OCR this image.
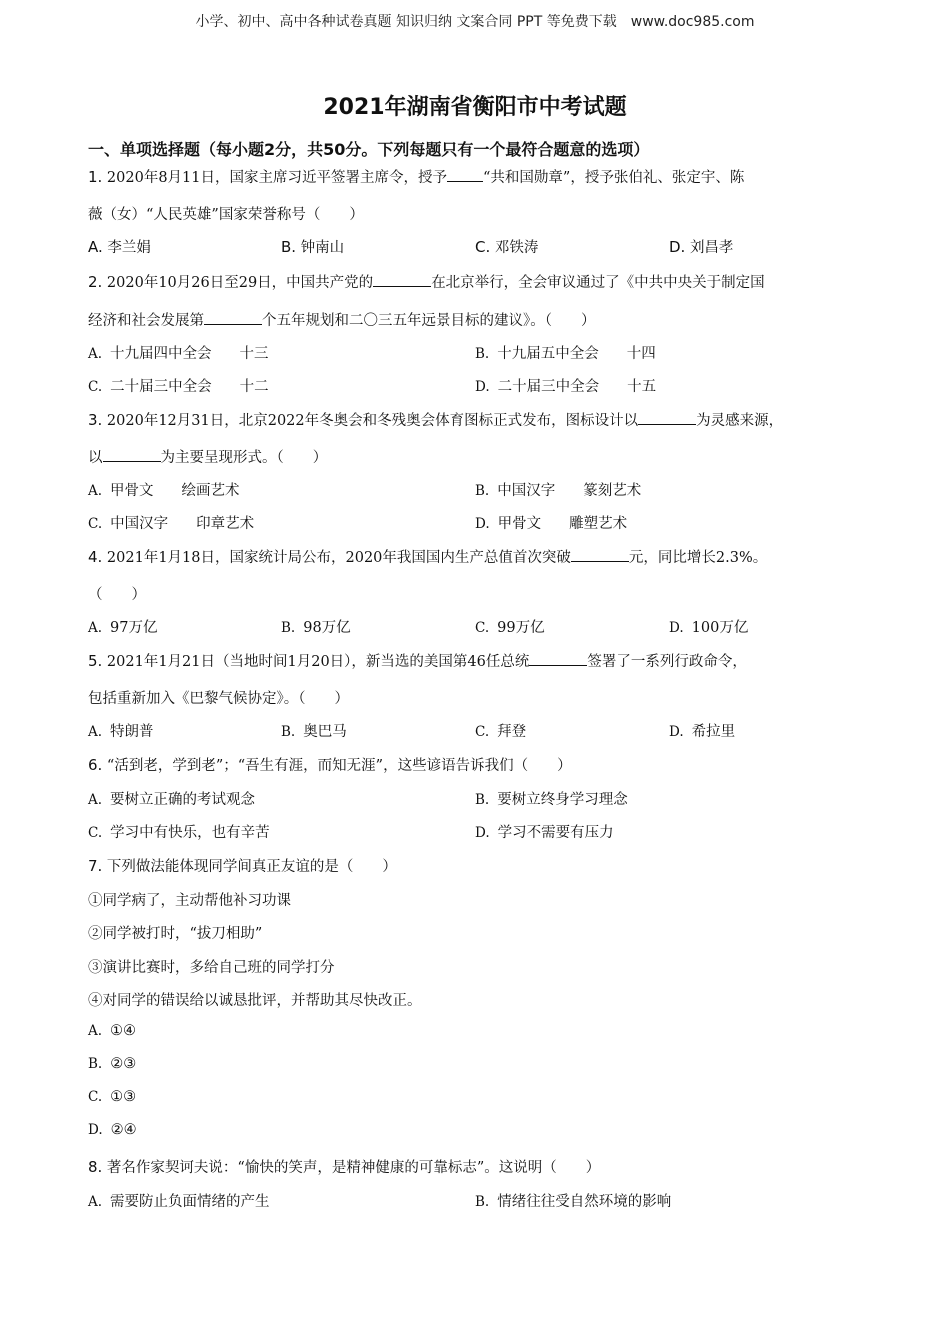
小学、初中、高中各种试卷真题 知识归纳 文案合同 PPT 等免费下载 www.doc985.com
2021年湖南省衡阳市中考试题
一、单项选择题（每小题2分，共50分。下列每题只有一个最符合题意的选项）
1. 2020年8月11日，国家主席习近平签署主席令，授予 “共和国勋章”，授予张伯礼、张定宇、陈
薇（女）“人民英雄”国家荣誉称号（　　）
A. 李兰娟	B. 钟南山	C. 邓铁涛	D. 刘昌孝
2. 2020年10月26日至29日，中国共产党的	在北京举行，全会审议通过了《中共中央关于制定国
经济和社会发展第	个五年规划和二〇三五年远景目标的建议》。（　　）
A. 十九届四中全会 十三	B. 十九届五中全会 十四
C. 二十届三中全会 十二	D. 二十届三中全会 十五
3. 2020年12月31日，北京2022年冬奥会和冬残奥会体育图标正式发布，图标设计以	为灵感来源，
以	为主要呈现形式。（　　）
A. 甲骨文 绘画艺术	B. 中国汉字 篆刻艺术
C. 中国汉字 印章艺术	D. 甲骨文 雕塑艺术
4. 2021年1月18日，国家统计局公布，2020年我国国内生产总值首次突破	元，同比增长2.3%。
（　　）
A. 97万亿	B. 98万亿	C. 99万亿	D. 100万亿
5. 2021年1月21日（当地时间1月20日），新当选的美国第46任总统	签署了一系列行政命令，
包括重新加入《巴黎气候协定》。（　　）
A. 特朗普	B. 奥巴马	C. 拜登	D. 希拉里
6. “活到老，学到老”；“吾生有涯，而知无涯”，这些谚语告诉我们（　　）
A. 要树立正确的考试观念	B. 要树立终身学习理念
C. 学习中有快乐，也有辛苦	D. 学习不需要有压力
7. 下列做法能体现同学间真正友谊的是（　　）
①同学病了，主动帮他补习功课
②同学被打时，“拔刀相助”
③演讲比赛时，多给自己班的同学打分
④对同学的错误给以诚恳批评，并帮助其尽快改正。
A. ①④
B. ②③
C. ①③
D. ②④
8. 著名作家契诃夫说：“愉快的笑声，是精神健康的可靠标志”。这说明（　　）
A. 需要防止负面情绪的产生	B. 情绪往往受自然环境的影响
